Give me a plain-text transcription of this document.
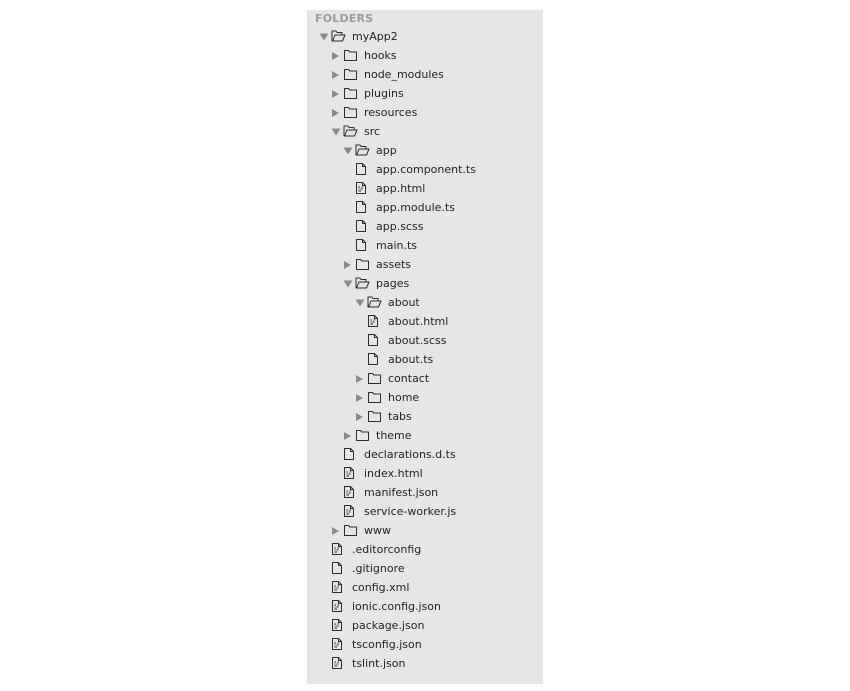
FOLDERS
myApp2
hooks
node_modules
plugins
resources
src
app
app.component.ts
app.html
app.module.ts
app.scss
main.ts
assets
pages
about
about.html
about.scss
about.ts
contact
home
tabs
theme
declarations.d.ts
index.html
manifest.json
service-worker.js
www
.editorconfig
.gitignore
config.xml
ionic.config.json
package.json
tsconfig.json
tslint.json
